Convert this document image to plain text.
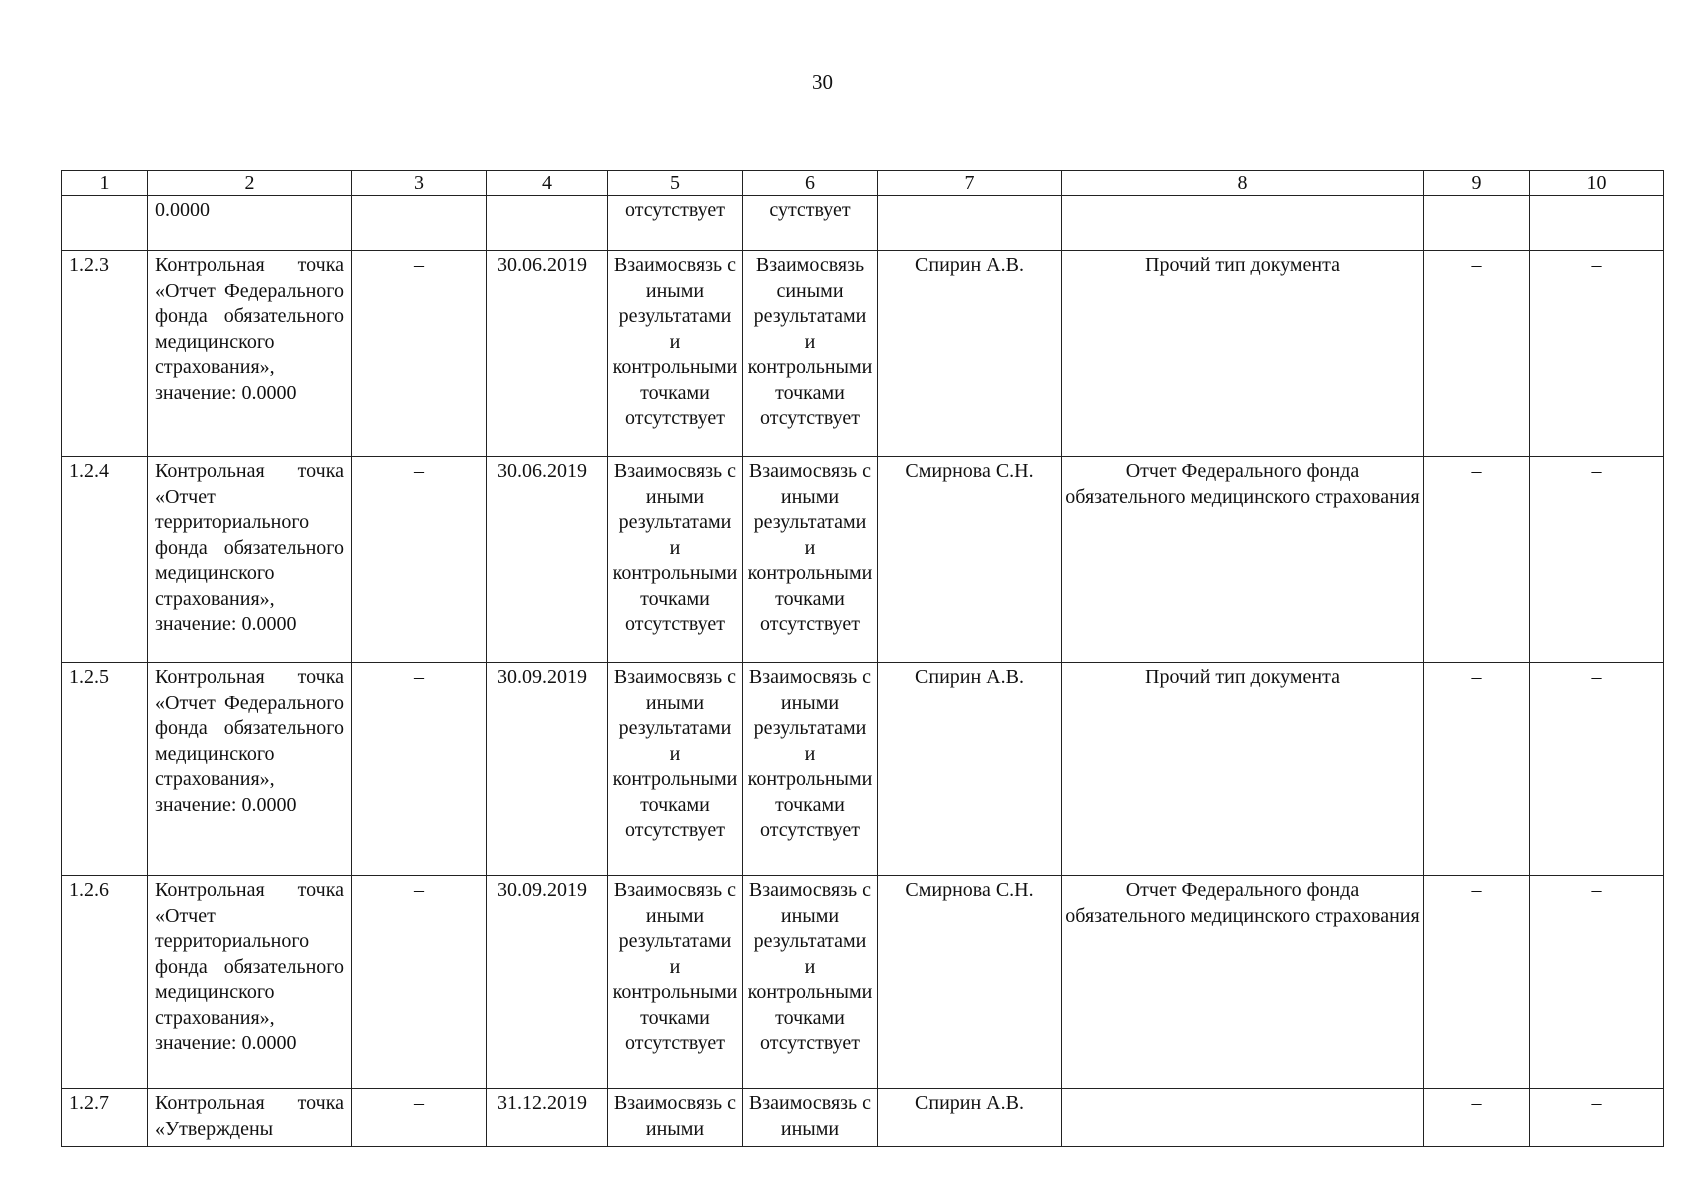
30
1	2	3	4	5	6	7	8	9	10
	0.0000			отсутствует	сутствует				
1.2.3	Контрольная точка «Отчет Федерального фонда обязательного медицинского страхования», значение: 0.0000	–	30.06.2019	Взаимосвязь с иными результатами и контрольными точками отсутствует	Взаимосвязь сиными результатами и контрольными точками отсутствует	Спирин А.В.	Прочий тип документа	–	–
1.2.4	Контрольная точка «Отчет территориального фонда обязательного медицинского страхования», значение: 0.0000	–	30.06.2019	Взаимосвязь с иными результатами и контрольными точками отсутствует	Взаимосвязь с иными результатами и контрольными точками отсутствует	Смирнова С.Н.	Отчет Федерального фонда обязательного медицинского страхования	–	–
1.2.5	Контрольная точка «Отчет Федерального фонда обязательного медицинского страхования», значение: 0.0000	–	30.09.2019	Взаимосвязь с иными результатами и контрольными точками отсутствует	Взаимосвязь с иными результатами и контрольными точками отсутствует	Спирин А.В.	Прочий тип документа	–	–
1.2.6	Контрольная точка «Отчет территориального фонда обязательного медицинского страхования», значение: 0.0000	–	30.09.2019	Взаимосвязь с иными результатами и контрольными точками отсутствует	Взаимосвязь с иными результатами и контрольными точками отсутствует	Смирнова С.Н.	Отчет Федерального фонда обязательного медицинского страхования	–	–
1.2.7	Контрольная точка «Утверждены	–	31.12.2019	Взаимосвязь с иными	Взаимосвязь с иными	Спирин А.В.		–	–
